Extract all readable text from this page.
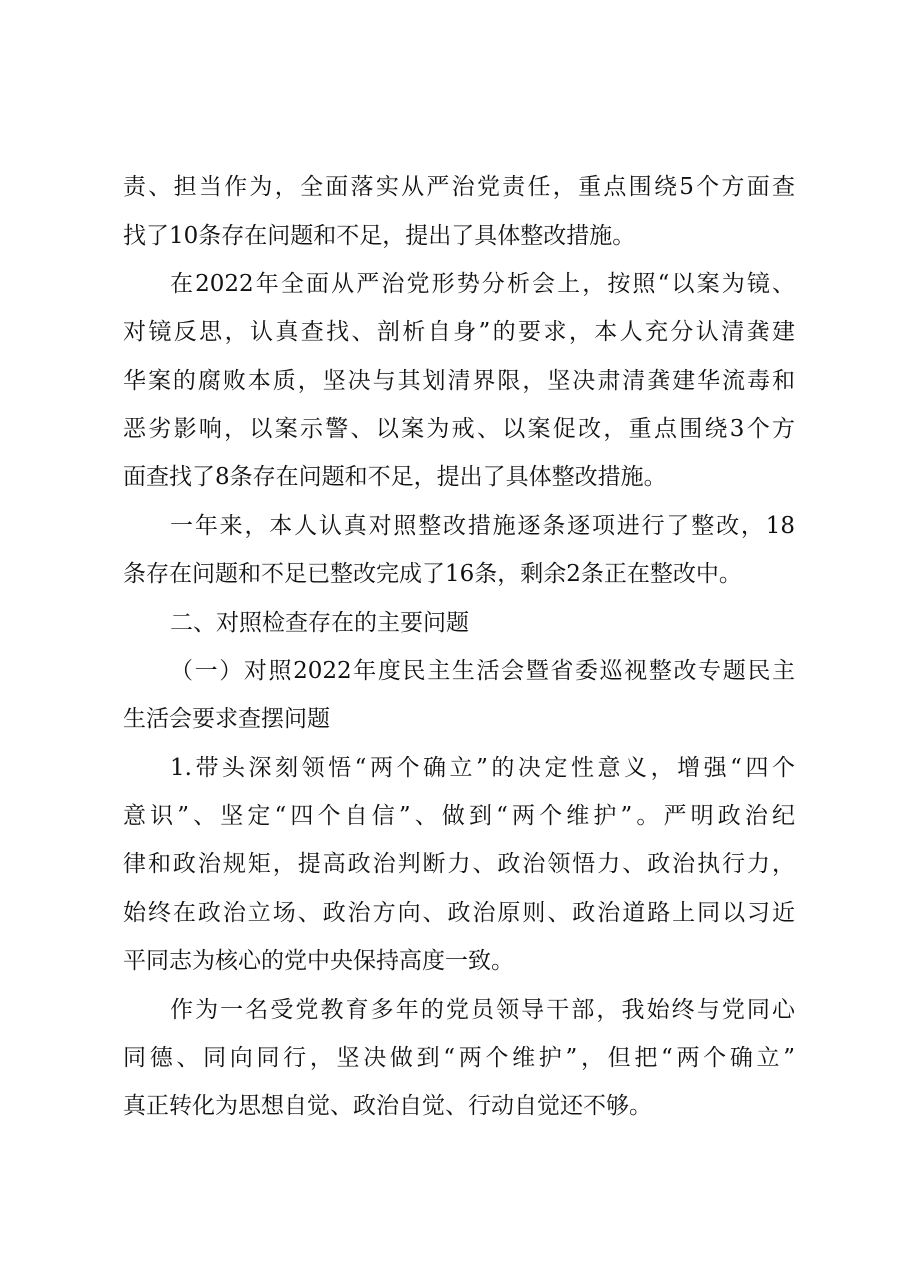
责、担当作为，全面落实从严治党责任，重点围绕5个方面查
找了10条存在问题和不足，提出了具体整改措施。
在2022年全面从严治党形势分析会上，按照“以案为镜、
对镜反思，认真查找、剖析自身”的要求，本人充分认清龚建
华案的腐败本质，坚决与其划清界限，坚决肃清龚建华流毒和
恶劣影响，以案示警、以案为戒、以案促改，重点围绕3个方
面查找了8条存在问题和不足，提出了具体整改措施。
一年来，本人认真对照整改措施逐条逐项进行了整改，18
条存在问题和不足已整改完成了16条，剩余2条正在整改中。
二、对照检查存在的主要问题
（一）对照2022年度民主生活会暨省委巡视整改专题民主
生活会要求查摆问题
1.带头深刻领悟“两个确立”的决定性意义，增强“四个
意识”、坚定“四个自信”、做到“两个维护”。严明政治纪
律和政治规矩，提高政治判断力、政治领悟力、政治执行力，
始终在政治立场、政治方向、政治原则、政治道路上同以习近
平同志为核心的党中央保持高度一致。
作为一名受党教育多年的党员领导干部，我始终与党同心
同德、同向同行，坚决做到“两个维护”，但把“两个确立”
真正转化为思想自觉、政治自觉、行动自觉还不够。
